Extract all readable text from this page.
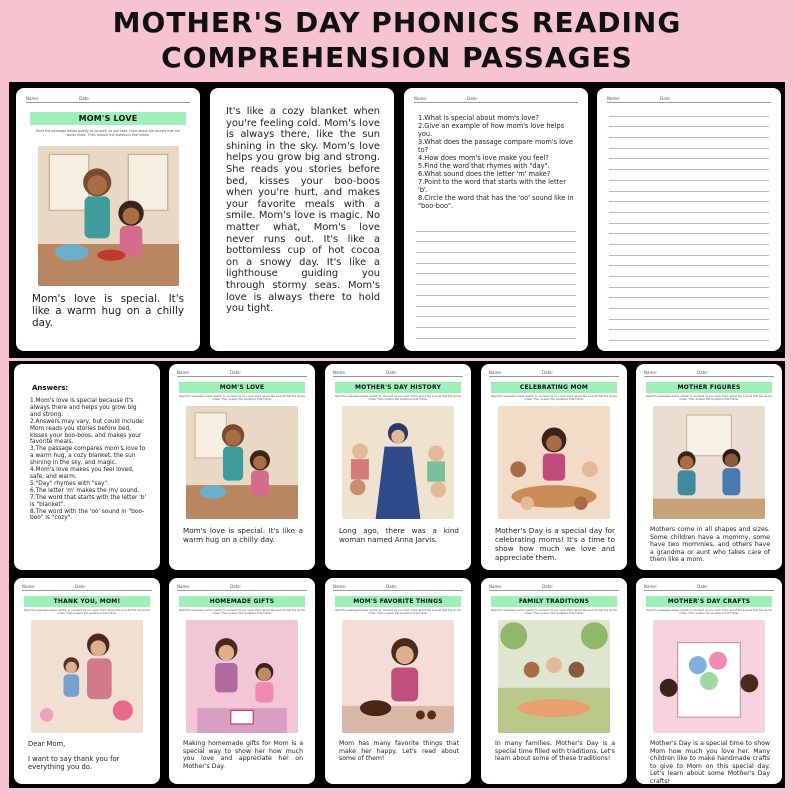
MOTHER'S DAY PHONICS READING
COMPREHENSION PASSAGES
Name:	Date:
MOM'S LOVE
Read the passages below quietly to yourself. As you read, think about the sounds that the words make. Then answer the questions that follow.
Mom's love is special. It's like a warm hug on a chilly day.
It's like a cozy blanket when you're feeling cold. Mom's love is always there, like the sun shining in the sky. Mom's love helps you grow big and strong. She reads you stories before bed, kisses your boo-boos when you're hurt, and makes your favorite meals with a smile. Mom's love is magic. No matter what, Mom's love never runs out. It's like a bottomless cup of hot cocoa on a snowy day. It's like a lighthouse guiding you through stormy seas. Mom's love is always there to hold you tight.
Name:	Date:
1.What is special about mom's love?
2.Give an example of how mom's love helps you.
3.What does the passage compare mom's love to?
4.How does mom's love make you feel?
5.Find the word that rhymes with "day".
6.What sound does the letter 'm' make?
7.Point to the word that starts with the letter 'b'.
8.Circle the word that has the 'oo' sound like in "boo-boo".
Name:	Date:
Answers:
1.Mom's love is special because it's always there and helps you grow big and strong.
2.Answers may vary, but could include: Mom reads you stories before bed, kisses your boo-boos, and makes your favorite meals.
3.The passage compares mom's love to a warm hug, a cozy blanket, the sun shining in the sky, and magic.
4.Mom's love makes you feel loved, safe, and warm.
5."Day" rhymes with "say".
6.The letter 'm' makes the /m/ sound.
7.The word that starts with the letter 'b' is "blanket".
8.The word with the 'oo' sound in "boo-boo" is "cozy".
Name:	Date:
MOM'S LOVE
Read the passages below quietly to yourself. As you read, think about the sounds that the words make. Then answer the questions that follow.
Mom's love is special. It's like a warm hug on a chilly day.
Name:	Date:
MOTHER'S DAY HISTORY
Read the passages below quietly to yourself. As you read, think about the sounds that the words make. Then answer the questions that follow.
Long ago, there was a kind woman named Anna Jarvis.
Name:	Date:
CELEBRATING MOM
Read the passages below quietly to yourself. As you read, think about the sounds that the words make. Then answer the questions that follow.
Mother's Day is a special day for celebrating moms! It's a time to show how much we love and appreciate them.
Name:	Date:
MOTHER FIGURES
Read the passages below quietly to yourself. As you read, think about the sounds that the words make. Then answer the questions that follow.
Mothers come in all shapes and sizes. Some children have a mommy, some have two mommies, and others have a grandma or aunt who takes care of them like a mom.
Name:	Date:
THANK YOU, MOM!
Read the passages below quietly to yourself. As you read, think about the sounds that the words make. Then answer the questions that follow.

Dear Mom,

I want to say thank you for everything you do.

Name:	Date:
HOMEMADE GIFTS
Read the passages below quietly to yourself. As you read, think about the sounds that the words make. Then answer the questions that follow.
Making homemade gifts for Mom is a special way to show her how much you love and appreciate her on Mother's Day.
Name:	Date:
MOM'S FAVORITE THINGS
Read the passages below quietly to yourself. As you read, think about the sounds that the words make. Then answer the questions that follow.
Mom has many favorite things that make her happy. Let's read about some of them!
Name:	Date:
FAMILY TRADITIONS
Read the passages below quietly to yourself. As you read, think about the sounds that the words make. Then answer the questions that follow.
In many families, Mother's Day is a special time filled with traditions. Let's learn about some of these traditions!
Name:	Date:
MOTHER'S DAY CRAFTS
Read the passages below quietly to yourself. As you read, think about the sounds that the words make. Then answer the questions that follow.
Mother's Day is a special time to show Mom how much you love her. Many children like to make handmade crafts to give to Mom on this special day. Let's learn about some Mother's Day crafts!
